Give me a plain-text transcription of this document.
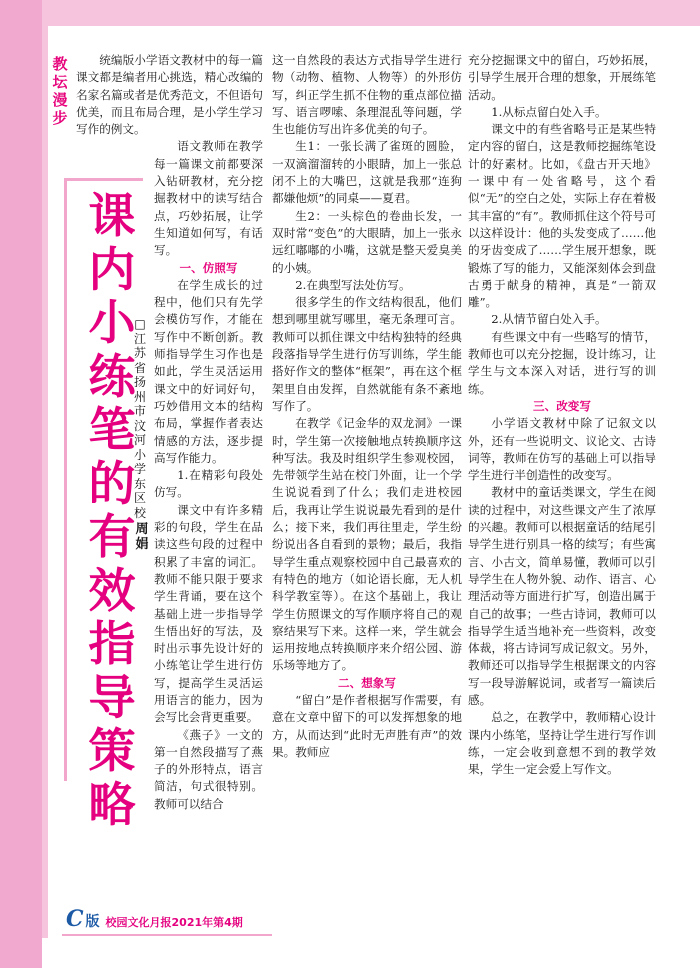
教
坛
漫
步
课
内
小
练
笔
的
有
效
指
导
策
略
□
江
苏
省
扬
州
市
汶
河
小
学
东
区
校
周
娟

统编版小学语文教材中的每一篇课文都是编者用心挑选，精心改编的名家名篇或者是优秀范文，不但语句优美，而且布局合理，是小学生学习写作的例文。

语文教师在教学每一篇课文前都要深入钻研教材，充分挖掘教材中的读写结合点，巧妙拓展，让学生知道如何写，有话写。

一、仿照写

在学生成长的过程中，他们只有先学会模仿写作，才能在写作中不断创新。教师指导学生习作也是如此，学生灵活运用课文中的好词好句，巧妙借用文本的结构布局，掌握作者表达情感的方法，逐步提高写作能力。

1.在精彩句段处仿写。

课文中有许多精彩的句段，学生在品读这些句段的过程中积累了丰富的词汇。教师不能只限于要求学生背诵，要在这个基础上进一步指导学生悟出好的写法，及时出示事先设计好的小练笔让学生进行仿写，提高学生灵活运用语言的能力，因为会写比会背更重要。

《燕子》一文的第一自然段描写了燕子的外形特点，语言简洁，句式很特别。教师可以结合

这一自然段的表达方式指导学生进行物（动物、植物、人物等）的外形仿写，纠正学生抓不住物的重点部位描写、语言啰嗦、条理混乱等问题，学生也能仿写出许多优美的句子。

生1：一张长满了雀斑的圆脸，一双滴溜溜转的小眼睛，加上一张总闭不上的大嘴巴，这就是我那“连狗都嫌他烦”的同桌——夏君。

生2：一头棕色的卷曲长发，一双时常“变色”的大眼睛，加上一张永远红嘟嘟的小嘴，这就是整天爱臭美的小姨。

2.在典型写法处仿写。

很多学生的作文结构很乱，他们想到哪里就写哪里，毫无条理可言。教师可以抓住课文中结构独特的经典段落指导学生进行仿写训练，学生能搭好作文的整体“框架”，再在这个框架里自由发挥，自然就能有条不紊地写作了。

在教学《记金华的双龙洞》一课时，学生第一次接触地点转换顺序这种写法。我及时组织学生参观校园，先带领学生站在校门外面，让一个学生说说看到了什么；我们走进校园后，我再让学生说说最先看到的是什么；接下来，我们再往里走，学生纷纷说出各自看到的景物；最后，我指导学生重点观察校园中自己最喜欢的有特色的地方（如论语长廊，无人机科学教室等）。在这个基础上，我让学生仿照课文的写作顺序将自己的观察结果写下来。这样一来，学生就会运用按地点转换顺序来介绍公园、游乐场等地方了。

二、想象写

“留白”是作者根据写作需要，有意在文章中留下的可以发挥想象的地方，从而达到“此时无声胜有声”的效果。教师应

充分挖掘课文中的留白，巧妙拓展，引导学生展开合理的想象，开展练笔活动。

1.从标点留白处入手。

课文中的有些省略号正是某些特定内容的留白，这是教师挖掘练笔设计的好素材。比如，《盘古开天地》一课中有一处省略号，这个看似“无”的空白之处，实际上存在着极其丰富的“有”。教师抓住这个符号可以这样设计：他的头发变成了……他的牙齿变成了……学生展开想象，既锻炼了写的能力，又能深刻体会到盘古勇于献身的精神，真是“一箭双雕”。

2.从情节留白处入手。

有些课文中有一些略写的情节，教师也可以充分挖掘，设计练习，让学生与文本深入对话，进行写的训练。

三、改变写

小学语文教材中除了记叙文以外，还有一些说明文、议论文、古诗词等，教师在仿写的基础上可以指导学生进行半创造性的改变写。

教材中的童话类课文，学生在阅读的过程中，对这些课文产生了浓厚的兴趣。教师可以根据童话的结尾引导学生进行别具一格的续写；有些寓言、小古文，简单易懂，教师可以引导学生在人物外貌、动作、语言、心理活动等方面进行扩写，创造出属于自己的故事；一些古诗词，教师可以指导学生适当地补充一些资料，改变体裁，将古诗词写成记叙文。另外，教师还可以指导学生根据课文的内容写一段导游解说词，或者写一篇读后感。

总之，在教学中，教师精心设计课内小练笔，坚持让学生进行写作训练，一定会收到意想不到的教学效果，学生一定会爱上写作文。

C版 校园文化月报2021年第4期
